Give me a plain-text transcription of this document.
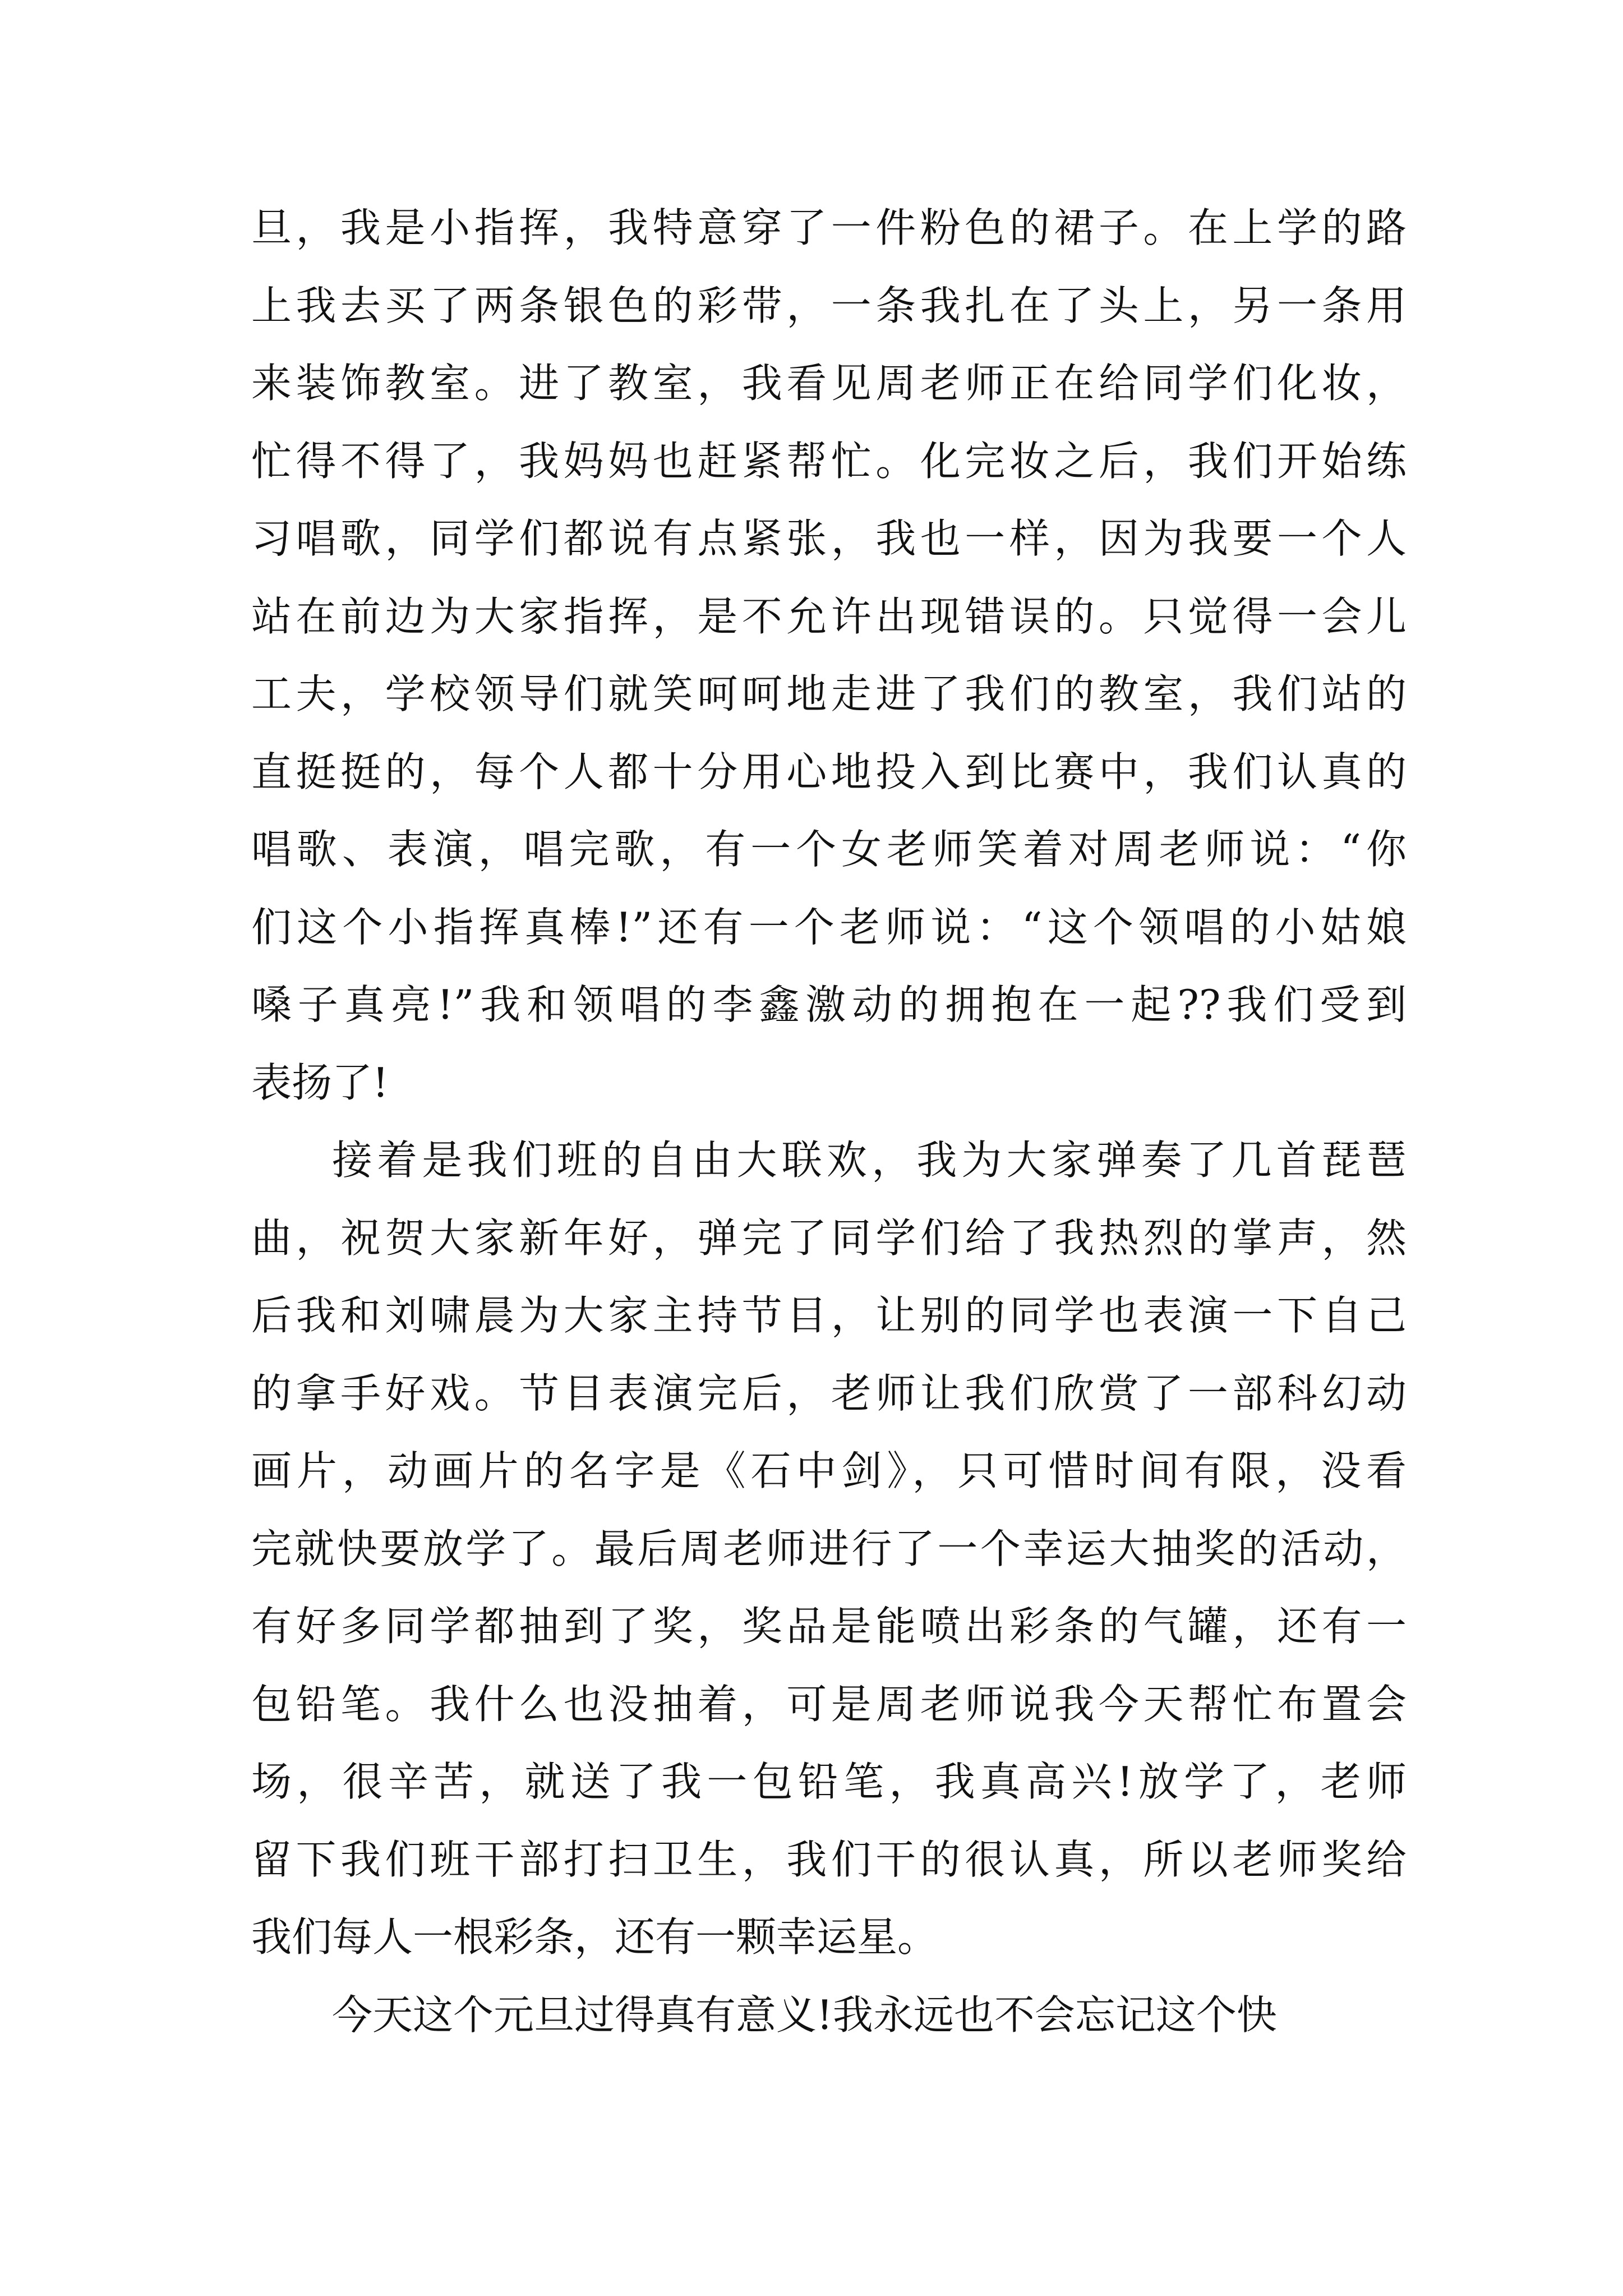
旦，我是小指挥，我特意穿了一件粉色的裙子。在上学的路
上我去买了两条银色的彩带，一条我扎在了头上，另一条用
来装饰教室。进了教室，我看见周老师正在给同学们化妆，
忙得不得了，我妈妈也赶紧帮忙。化完妆之后，我们开始练
习唱歌，同学们都说有点紧张，我也一样，因为我要一个人
站在前边为大家指挥，是不允许出现错误的。只觉得一会儿
工夫，学校领导们就笑呵呵地走进了我们的教室，我们站的
直挺挺的，每个人都十分用心地投入到比赛中，我们认真的
唱歌、表演，唱完歌，有一个女老师笑着对周老师说：“你
们这个小指挥真棒!”还有一个老师说：“这个领唱的小姑娘
嗓子真亮!”我和领唱的李鑫激动的拥抱在一起??我们受到
表扬了!
接着是我们班的自由大联欢，我为大家弹奏了几首琵琶
曲，祝贺大家新年好，弹完了同学们给了我热烈的掌声，然
后我和刘啸晨为大家主持节目，让别的同学也表演一下自己
的拿手好戏。节目表演完后，老师让我们欣赏了一部科幻动
画片，动画片的名字是《石中剑》，只可惜时间有限，没看
完就快要放学了。最后周老师进行了一个幸运大抽奖的活动，
有好多同学都抽到了奖，奖品是能喷出彩条的气罐，还有一
包铅笔。我什么也没抽着，可是周老师说我今天帮忙布置会
场，很辛苦，就送了我一包铅笔，我真高兴!放学了，老师
留下我们班干部打扫卫生，我们干的很认真，所以老师奖给
我们每人一根彩条，还有一颗幸运星。
今天这个元旦过得真有意义!我永远也不会忘记这个快
